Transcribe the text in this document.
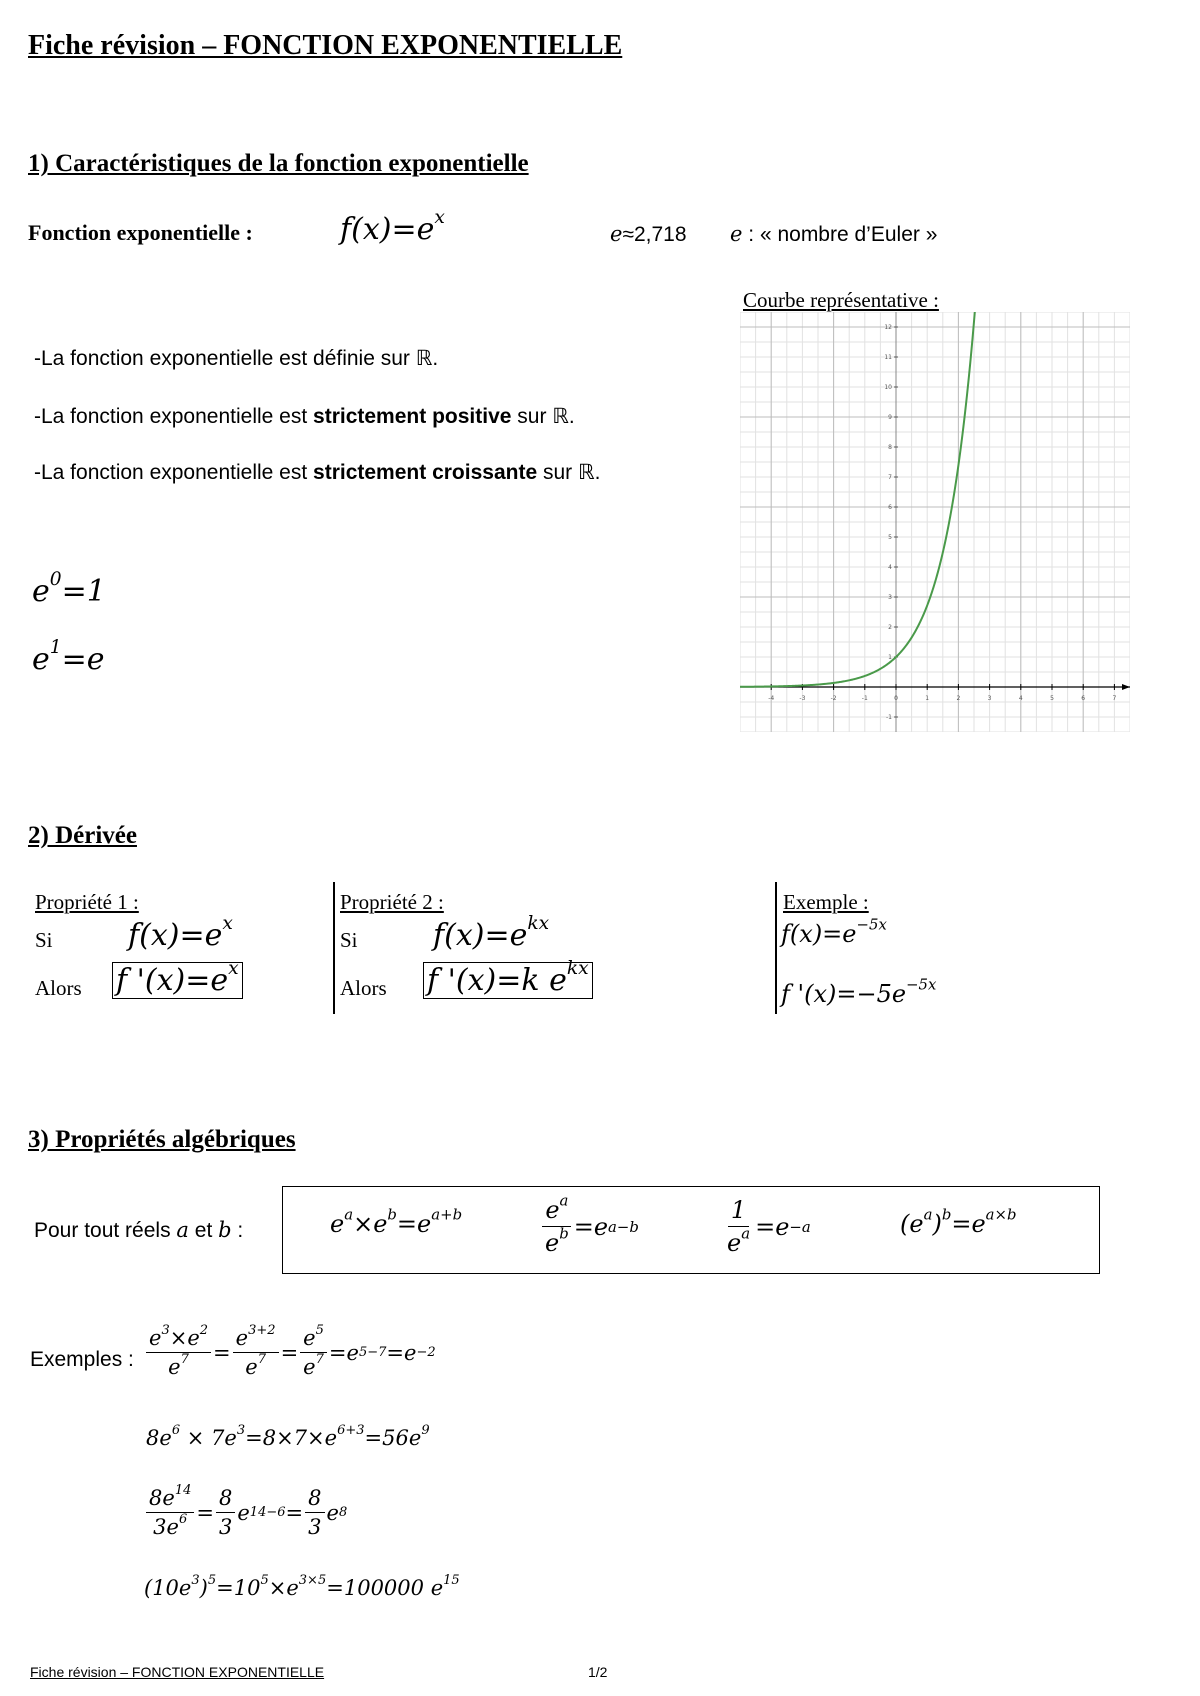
Fiche révision – FONCTION EXPONENTIELLE
1) Caractéristiques de la fonction exponentielle
Fonction exponentielle :	$f(x)=e^x$
e≈2,718 e : « nombre d’Euler »
-La fonction exponentielle est définie sur ℝ.
-La fonction exponentielle est strictement positive sur ℝ.
-La fonction exponentielle est strictement croissante sur ℝ.
$e^0=1$
$e^1=e$
Courbe représentative :
-4	-3	-2	-1	0	1	2	3	4	5	6	7
-1
1
2
3
4
5
6
7
8
9
10
11
12
2) Dérivée
Propriété 1 :
Si	$f(x)=e^x$
Alors f '$(x)=e^x$
Propriété 2 :
Si	$f(x)=e^{kx}$
Alors f '(x)=k $e^{kx}$
Exemple :
$f(x)=e^{-5x}$
f '$(x)=-5e^{-5x}$
3) Propriétés algébriques
Pour tout réels a et b :	$e^a\times e^b=e^{a+b}$	$\frac{e^a}{e^b} = e$ a−b	$\frac{1}{e^a} = e -a$	$(e^a)^b=e^{a\times b}$
Exemples : $\frac{e^3\times e^2}{e^7} = \frac{e^{3+2}}{e^7} = \frac{e^5}{e^7} = e$ 5−7 = e −2
$8e^6 \times 7e^3=8\times 7\times e^{6+3}=56e^9$
$\frac{8e^{14}}{3e^6} = \frac{8}{3}$ e $14-6 = \frac{8}{3}$ e 8
$(10e^3)^5=10^5\times e^{3\times 5}=100000$ $e^{15}$
Fiche révision – FONCTION EXPONENTIELLE	1/2
